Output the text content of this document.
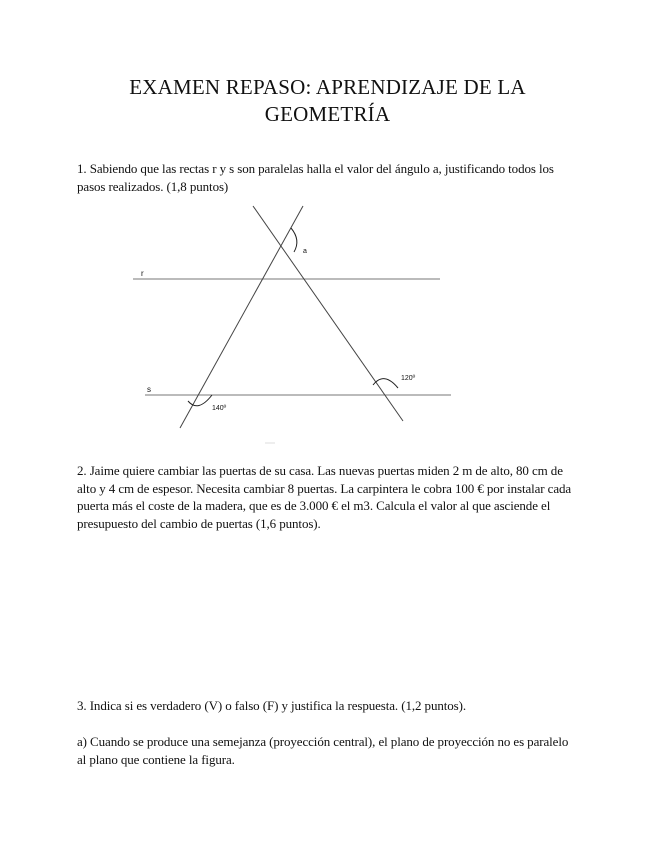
EXAMEN REPASO: APRENDIZAJE DE LA GEOMETRÍA

1. Sabiendo que las rectas r y s son paralelas halla el valor del ángulo a, justificando todos los pasos realizados. (1,8 puntos)

r
s
a
120º
140º

2. Jaime quiere cambiar las puertas de su casa. Las nuevas puertas miden 2 m de alto, 80 cm de alto y 4 cm de espesor. Necesita cambiar 8 puertas. La carpintera le cobra 100 € por instalar cada puerta más el coste de la madera, que es de 3.000 € el m3. Calcula el valor al que asciende el presupuesto del cambio de puertas (1,6 puntos).

3. Indica si es verdadero (V) o falso (F) y justifica la respuesta. (1,2 puntos).

a) Cuando se produce una semejanza (proyección central), el plano de proyección no es paralelo al plano que contiene la figura.
